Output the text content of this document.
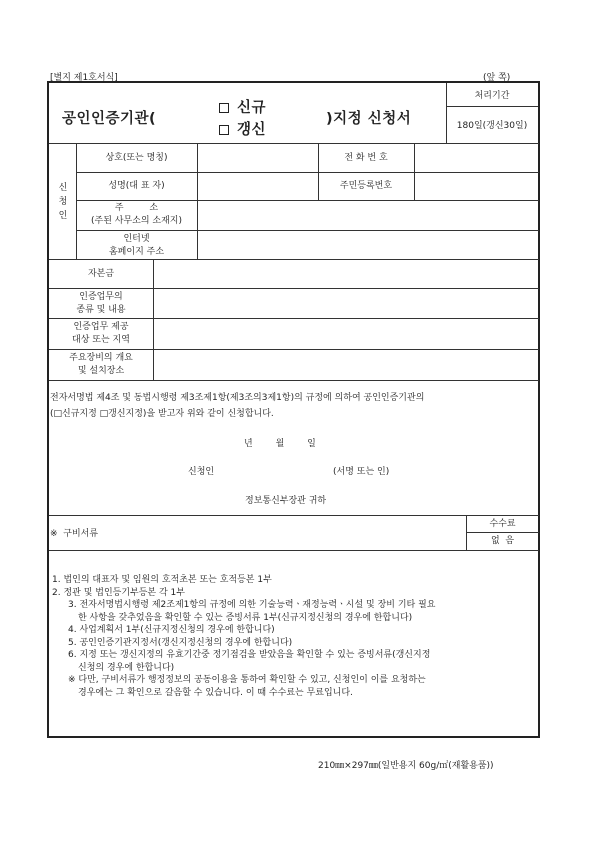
[별지 제1호서식]	(앞 쪽)
공인인증기관(
신규
갱신
)지정 신청서
처리기간
180일(갱신30일)
신청인
상호(또는 명칭)	전 화 번 호
성명(대 표 자)	주민등록번호
주         소
(주된 사무소의 소재지)
인터넷
홈페이지 주소
자본금
인증업무의
종류 및 내용
인증업무 제공
대상 또는 지역
주요장비의 개요
및 설치장소
전자서명법 제4조 및 동법시행령 제3조제1항(제3조의3제1항)의 규정에 의하여 공인인증기관의
(□신규지정 □갱신지정)을 받고자 위와 같이 신청합니다.
년        월        일
신청인	(서명 또는 인)
정보통신부장관 귀하
※  구비서류
수수료
없  음
1. 법인의 대표자 및 임원의 호적초본 또는 호적등본 1부
2. 정관 및 법인등기부등본 각 1부
3. 전자서명법시행령 제2조제1항의 규정에 의한 기술능력ㆍ재정능력ㆍ시설 및 장비 기타 필요
한 사항을 갖추었음을 확인할 수 있는 증빙서류 1부(신규지정신청의 경우에 한합니다)
4. 사업계획서 1부(신규지정신청의 경우에 한합니다)
5. 공인인증기관지정서(갱신지정신청의 경우에 한합니다)
6. 지정 또는 갱신지정의 유효기간중 정기점검을 받았음을 확인할 수 있는 증빙서류(갱신지정
신청의 경우에 한합니다)
※ 다만, 구비서류가 행정정보의 공동이용을 통하여 확인할 수 있고, 신청인이 이를 요청하는
경우에는 그 확인으로 갈음할 수 있습니다. 이 때 수수료는 무료입니다.
210㎜×297㎜(일반용지 60g/㎡(재활용품))
